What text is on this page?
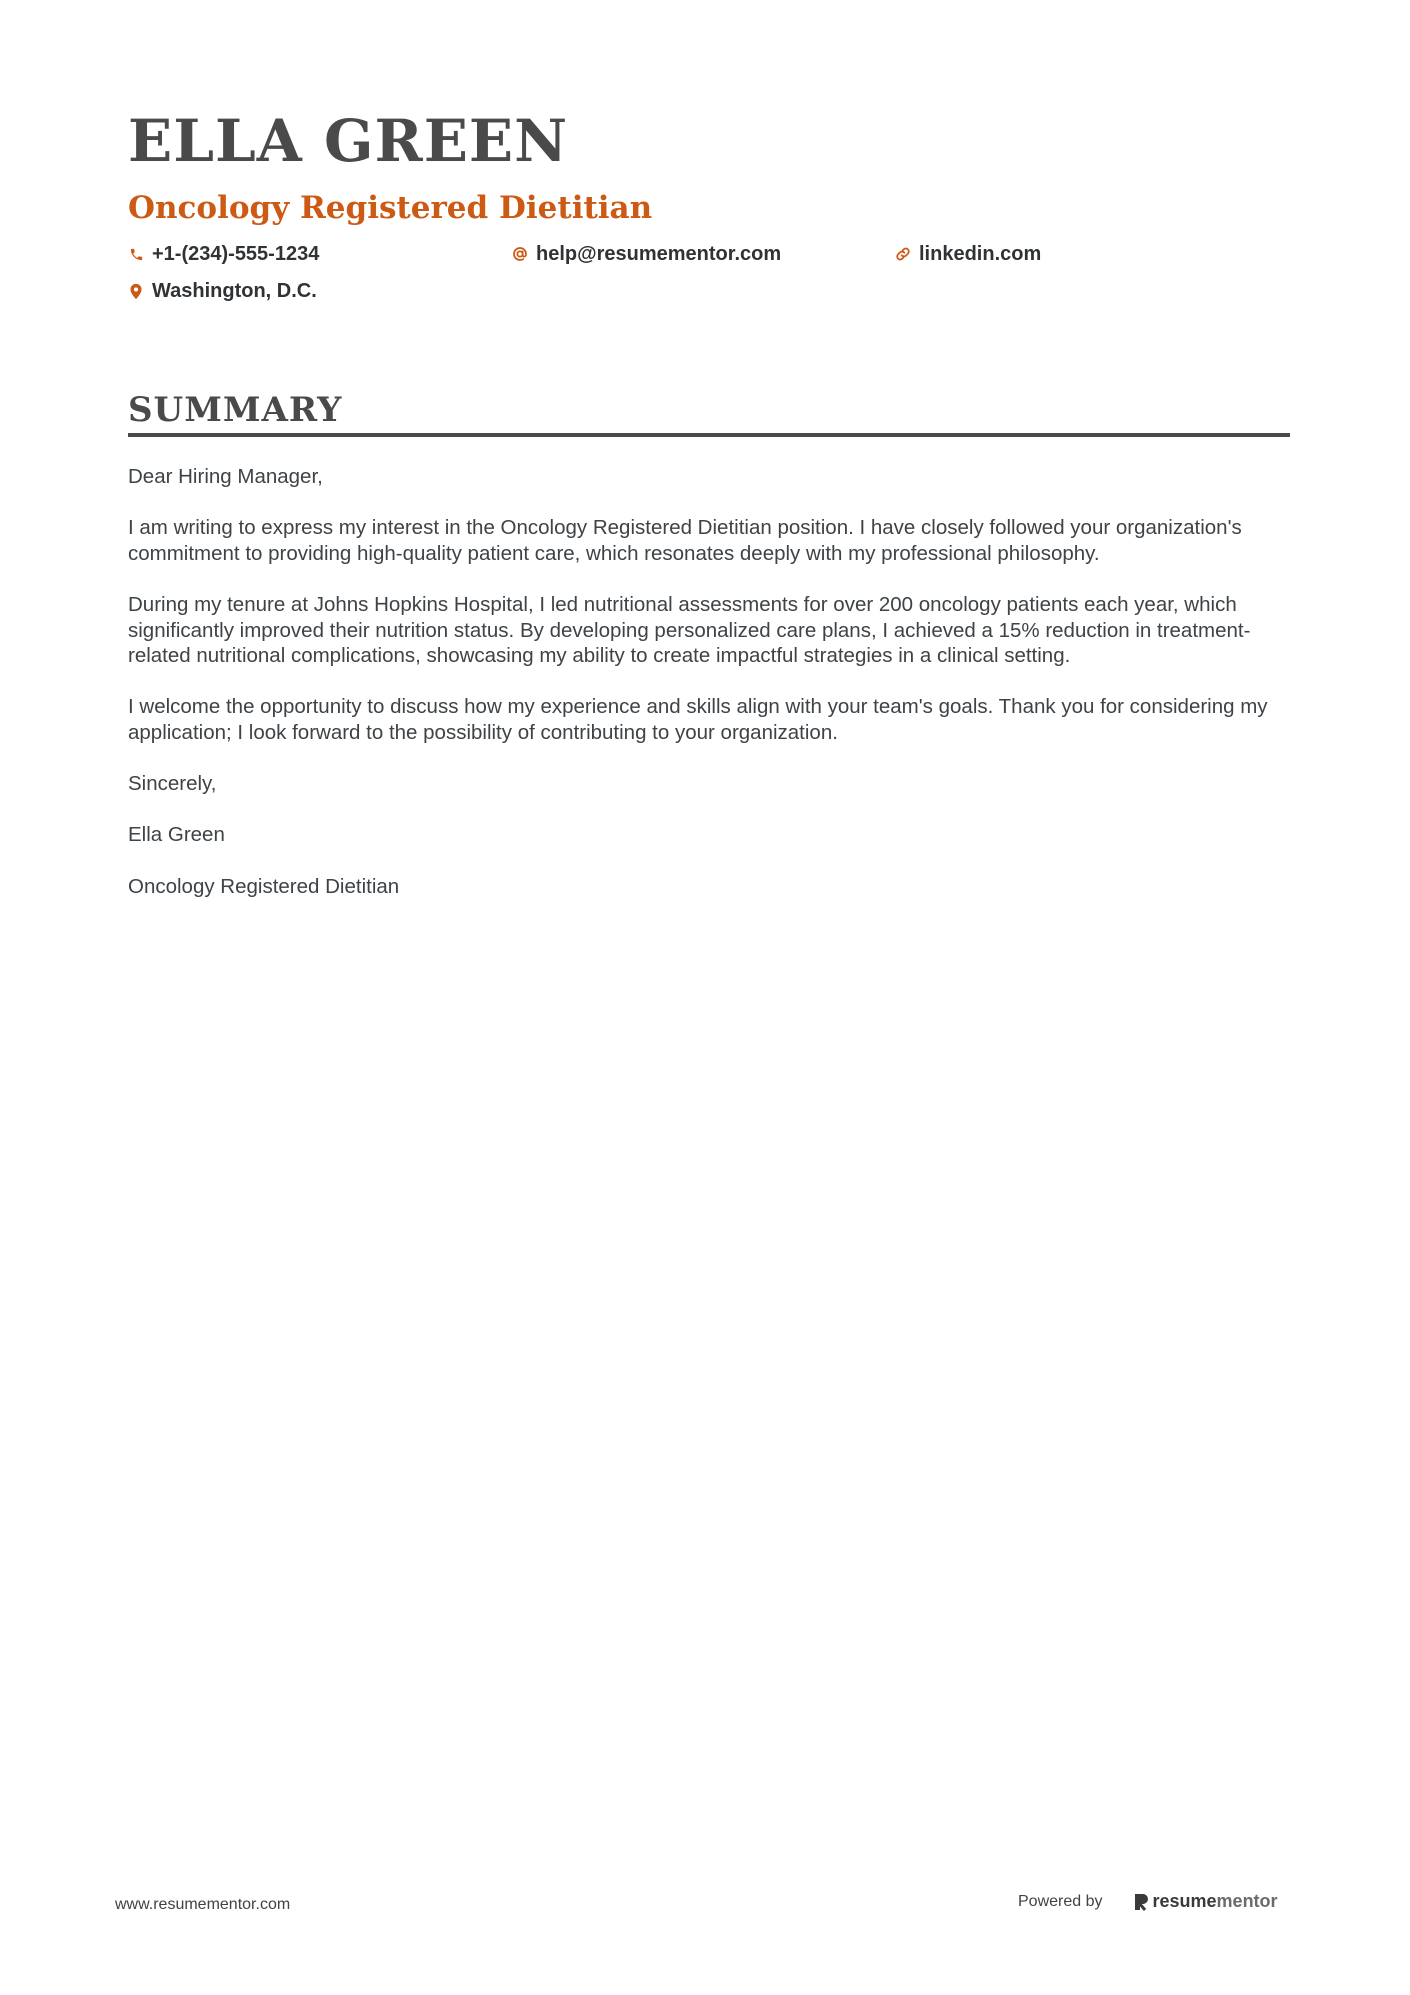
ELLA GREEN
Oncology Registered Dietitian
+1-(234)-555-1234	help@resumementor.com	linkedin.com
Washington, D.C.
SUMMARY

Dear Hiring Manager,

I am writing to express my interest in the Oncology Registered Dietitian position. I have closely followed your organization's commitment to providing high-quality patient care, which resonates deeply with my professional philosophy.

During my tenure at Johns Hopkins Hospital, I led nutritional assessments for over 200 oncology patients each year, which significantly improved their nutrition status. By developing personalized care plans, I achieved a 15% reduction in treatment-related nutritional complications, showcasing my ability to create impactful strategies in a clinical setting.

I welcome the opportunity to discuss how my experience and skills align with your team's goals. Thank you for considering my application; I look forward to the possibility of contributing to your organization.

Sincerely,

Ella Green

Oncology Registered Dietitian

www.resumementor.com	Powered by	resume mentor
